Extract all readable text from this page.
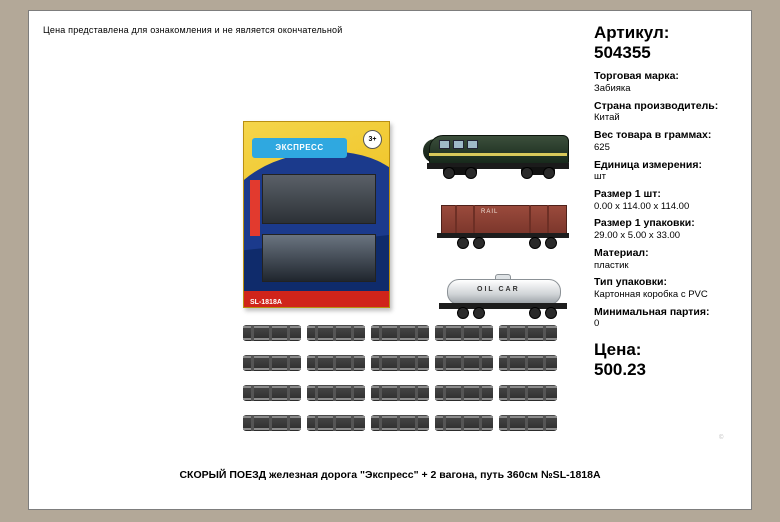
Цена представлена для ознакомления и не является окончательной
ЭКСПРЕСС
3+
SL-1818A
RAIL
OIL CAR
Артикул:
504355
Торговая марка:
Забияка
Страна производитель:
Китай
Вес товара в граммах:
625
Единица измерения:
шт
Размер 1 шт:
0.00 x 114.00 x 114.00
Размер 1 упаковки:
29.00 x 5.00 x 33.00
Материал:
пластик
Тип упаковки:
Картонная коробка с PVC
Минимальная партия:
0
Цена:
500.23
©
СКОРЫЙ ПОЕЗД железная дорога "Экспресс" + 2 вагона, путь 360см №SL-1818A
